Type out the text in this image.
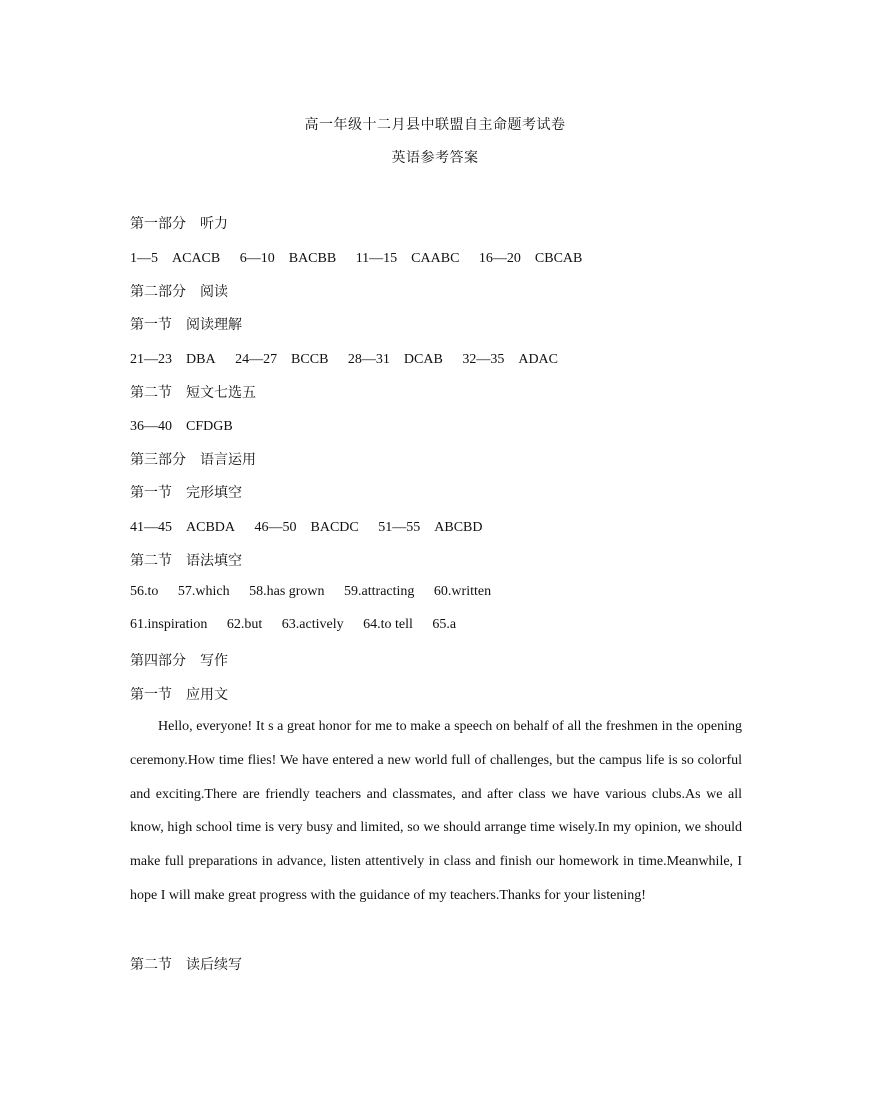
高一年级十二月县中联盟自主命题考试卷
英语参考答案
第一部分 听力
1—5　ACACB 6—10　BACBB 11—15　CAABC 16—20　CBCAB
第二部分 阅读
第一节 阅读理解
21—23　DBA 24—27　BCCB 28—31　DCAB 32—35　ADAC
第二节 短文七选五
36—40　CFDGB
第三部分 语言运用
第一节 完形填空
41—45　ACBDA 46—50　BACDC 51—55　ABCBD
第二节 语法填空
56.to 57.which 58.has grown 59.attracting 60.written
61.inspiration 62.but 63.actively 64.to tell 65.a
第四部分 写作
第一节 应用文
Hello, everyone! It s a great honor for me to make a speech on behalf of all the freshmen in the opening ceremony.How time flies! We have entered a new world full of challenges, but the campus life is so colorful and exciting.There are friendly teachers and classmates, and after class we have various clubs.As we all know, high school time is very busy and limited, so we should arrange time wisely.In my opinion, we should make full preparations in advance, listen attentively in class and finish our homework in time.Meanwhile, I hope I will make great progress with the guidance of my teachers.Thanks for your listening!
第二节 读后续写
